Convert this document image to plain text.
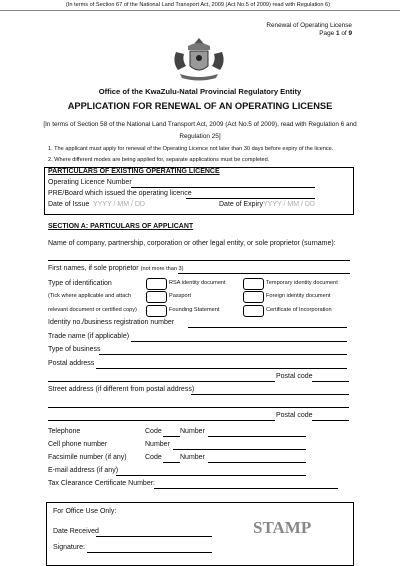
(In terms of Section 67 of the National Land Transport Act, 2009 (Act No.5 of 2009) read with Regulation 6)
Renewal of Operating License
Page 1 of 9
Office of the KwaZulu-Natal Provincial Regulatory Entity
APPLICATION FOR RENEWAL OF AN OPERATING LICENSE
[In terms of Section 58 of the National Land Transport Act, 2009 (Act No.5 of 2009), read with Regulation 6 and
Regulation 25]
1. The applicant must apply for renewal of the Operating Licence not later than 30 days before expiry of the licence.
2. Where different modes are being applied for, separate applications must be completed.
PARTICULARS OF EXISTING OPERATING LICENCE
Operating Licence Number
PRE/Board which issued the operating licence
Date of Issue YYYY / MM / DD	Date of Expiry YYYY / MM / DD
SECTION A: PARTICULARS OF APPLICANT
Name of company, partnership, corporation or other legal entity, or sole proprietor (surname):
First names, if sole proprietor (not more than 3)
Type of identification
(Tick where applicable and attach
relevant document or certified copy)
RSA identity document	Temporary identity document
Passport	Foreign identity document
Founding Statement	Certificate of Incorporation
Identity no./business registration number
Trade name (if applicable)
Type of business
Postal address
Postal code
Street address (if different from postal address)
Postal code
Telephone	Code	Number
Cell phone number	Number
Facsimile number (if any)	Code	Number
E-mail address (if any)
Tax Clearance Certificate Number:
For Office Use Only:
Date Received
Signature:
STAMP
